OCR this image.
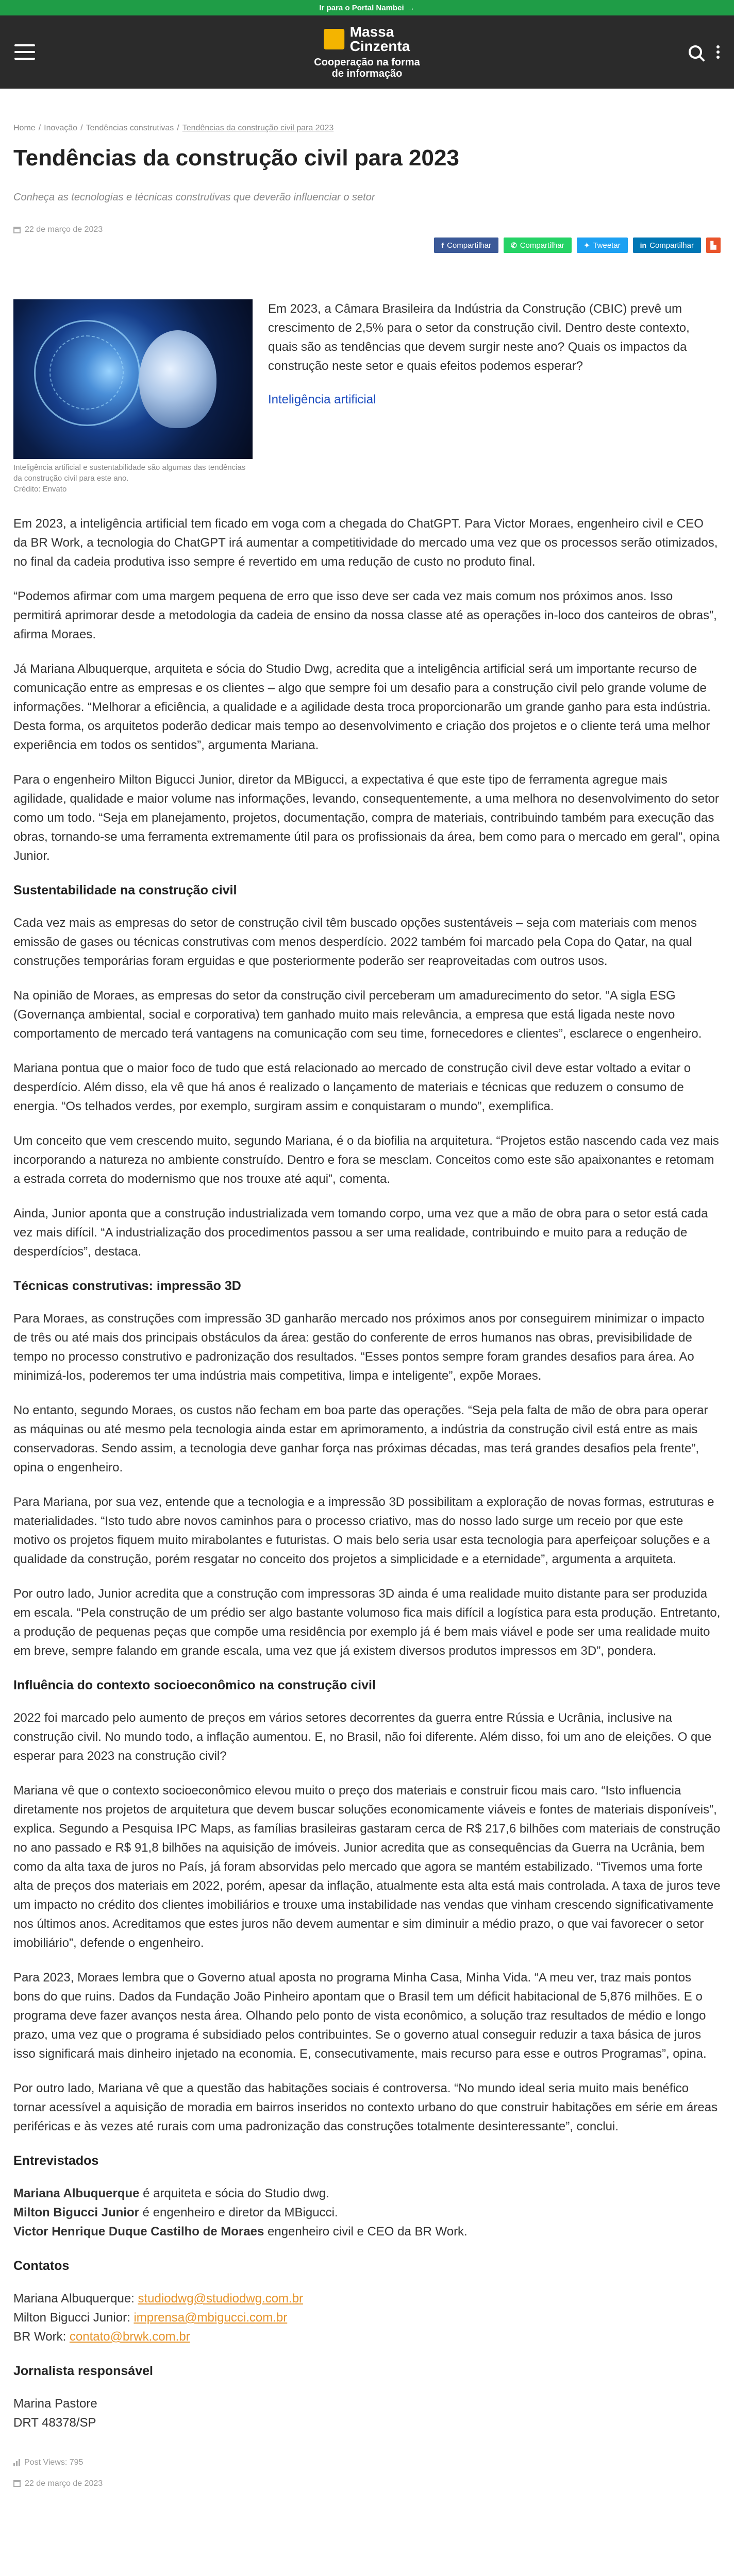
Ir para o Portal Nambei →
Massa
Cinzenta
Cooperação na forma
de informação
Home / Inovação / Tendências construtivas / Tendências da construção civil para 2023
Tendências da construção civil para 2023
Conheça as tecnologias e técnicas construtivas que deverão influenciar o setor
22 de março de 2023
f Compartilhar	✆ Compartilhar	✦ Tweetar	in Compartilhar ▙
Inteligência artificial e sustentabilidade são algumas das tendências da construção civil para este ano.
Crédito: Envato

Em 2023, a Câmara Brasileira da Indústria da Construção (CBIC) prevê um crescimento de 2,5% para o setor da construção civil. Dentro deste contexto, quais são as tendências que devem surgir neste ano? Quais os impactos da construção neste setor e quais efeitos podemos esperar?

Inteligência artificial

Em 2023, a inteligência artificial tem ficado em voga com a chegada do ChatGPT. Para Victor Moraes, engenheiro civil e CEO da BR Work, a tecnologia do ChatGPT irá aumentar a competitividade do mercado uma vez que os processos serão otimizados, no final da cadeia produtiva isso sempre é revertido em uma redução de custo no produto final.

“Podemos afirmar com uma margem pequena de erro que isso deve ser cada vez mais comum nos próximos anos. Isso permitirá aprimorar desde a metodologia da cadeia de ensino da nossa classe até as operações in-loco dos canteiros de obras”, afirma Moraes.

Já Mariana Albuquerque, arquiteta e sócia do Studio Dwg, acredita que a inteligência artificial será um importante recurso de comunicação entre as empresas e os clientes – algo que sempre foi um desafio para a construção civil pelo grande volume de informações. “Melhorar a eficiência, a qualidade e a agilidade desta troca proporcionarão um grande ganho para esta indústria. Desta forma, os arquitetos poderão dedicar mais tempo ao desenvolvimento e criação dos projetos e o cliente terá uma melhor experiência em todos os sentidos”, argumenta Mariana.

Para o engenheiro Milton Bigucci Junior, diretor da MBigucci, a expectativa é que este tipo de ferramenta agregue mais agilidade, qualidade e maior volume nas informações, levando, consequentemente, a uma melhora no desenvolvimento do setor como um todo. “Seja em planejamento, projetos, documentação, compra de materiais, contribuindo também para execução das obras, tornando-se uma ferramenta extremamente útil para os profissionais da área, bem como para o mercado em geral”, opina Junior.

Sustentabilidade na construção civil

Cada vez mais as empresas do setor de construção civil têm buscado opções sustentáveis – seja com materiais com menos emissão de gases ou técnicas construtivas com menos desperdício. 2022 também foi marcado pela Copa do Qatar, na qual construções temporárias foram erguidas e que posteriormente poderão ser reaproveitadas com outros usos.

Na opinião de Moraes, as empresas do setor da construção civil perceberam um amadurecimento do setor. “A sigla ESG (Governança ambiental, social e corporativa) tem ganhado muito mais relevância, a empresa que está ligada neste novo comportamento de mercado terá vantagens na comunicação com seu time, fornecedores e clientes”, esclarece o engenheiro.

Mariana pontua que o maior foco de tudo que está relacionado ao mercado de construção civil deve estar voltado a evitar o desperdício. Além disso, ela vê que há anos é realizado o lançamento de materiais e técnicas que reduzem o consumo de energia. “Os telhados verdes, por exemplo, surgiram assim e conquistaram o mundo”, exemplifica.

Um conceito que vem crescendo muito, segundo Mariana, é o da biofilia na arquitetura. “Projetos estão nascendo cada vez mais incorporando a natureza no ambiente construído. Dentro e fora se mesclam. Conceitos como este são apaixonantes e retomam a estrada correta do modernismo que nos trouxe até aqui”, comenta.

Ainda, Junior aponta que a construção industrializada vem tomando corpo, uma vez que a mão de obra para o setor está cada vez mais difícil. “A industrialização dos procedimentos passou a ser uma realidade, contribuindo e muito para a redução de desperdícios”, destaca.

Técnicas construtivas: impressão 3D

Para Moraes, as construções com impressão 3D ganharão mercado nos próximos anos por conseguirem minimizar o impacto de três ou até mais dos principais obstáculos da área: gestão do conferente de erros humanos nas obras, previsibilidade de tempo no processo construtivo e padronização dos resultados. “Esses pontos sempre foram grandes desafios para área. Ao minimizá-los, poderemos ter uma indústria mais competitiva, limpa e inteligente”, expõe Moraes.

No entanto, segundo Moraes, os custos não fecham em boa parte das operações. “Seja pela falta de mão de obra para operar as máquinas ou até mesmo pela tecnologia ainda estar em aprimoramento, a indústria da construção civil está entre as mais conservadoras. Sendo assim, a tecnologia deve ganhar força nas próximas décadas, mas terá grandes desafios pela frente”, opina o engenheiro.

Para Mariana, por sua vez, entende que a tecnologia e a impressão 3D possibilitam a exploração de novas formas, estruturas e materialidades. “Isto tudo abre novos caminhos para o processo criativo, mas do nosso lado surge um receio por que este motivo os projetos fiquem muito mirabolantes e futuristas. O mais belo seria usar esta tecnologia para aperfeiçoar soluções e a qualidade da construção, porém resgatar no conceito dos projetos a simplicidade e a eternidade”, argumenta a arquiteta.

Por outro lado, Junior acredita que a construção com impressoras 3D ainda é uma realidade muito distante para ser produzida em escala. “Pela construção de um prédio ser algo bastante volumoso fica mais difícil a logística para esta produção. Entretanto, a produção de pequenas peças que compõe uma residência por exemplo já é bem mais viável e pode ser uma realidade muito em breve, sempre falando em grande escala, uma vez que já existem diversos produtos impressos em 3D”, pondera.

Influência do contexto socioeconômico na construção civil

2022 foi marcado pelo aumento de preços em vários setores decorrentes da guerra entre Rússia e Ucrânia, inclusive na construção civil. No mundo todo, a inflação aumentou. E, no Brasil, não foi diferente. Além disso, foi um ano de eleições. O que esperar para 2023 na construção civil?

Mariana vê que o contexto socioeconômico elevou muito o preço dos materiais e construir ficou mais caro. “Isto influencia diretamente nos projetos de arquitetura que devem buscar soluções economicamente viáveis e fontes de materiais disponíveis”, explica. Segundo a Pesquisa IPC Maps, as famílias brasileiras gastaram cerca de R$ 217,6 bilhões com materiais de construção no ano passado e R$ 91,8 bilhões na aquisição de imóveis. Junior acredita que as consequências da Guerra na Ucrânia, bem como da alta taxa de juros no País, já foram absorvidas pelo mercado que agora se mantém estabilizado. “Tivemos uma forte alta de preços dos materiais em 2022, porém, apesar da inflação, atualmente esta alta está mais controlada. A taxa de juros teve um impacto no crédito dos clientes imobiliários e trouxe uma instabilidade nas vendas que vinham crescendo significativamente nos últimos anos. Acreditamos que estes juros não devem aumentar e sim diminuir a médio prazo, o que vai favorecer o setor imobiliário”, defende o engenheiro.

Para 2023, Moraes lembra que o Governo atual aposta no programa Minha Casa, Minha Vida. “A meu ver, traz mais pontos bons do que ruins. Dados da Fundação João Pinheiro apontam que o Brasil tem um déficit habitacional de 5,876 milhões. E o programa deve fazer avanços nesta área. Olhando pelo ponto de vista econômico, a solução traz resultados de médio e longo prazo, uma vez que o programa é subsidiado pelos contribuintes. Se o governo atual conseguir reduzir a taxa básica de juros isso significará mais dinheiro injetado na economia. E, consecutivamente, mais recurso para esse e outros Programas”, opina.

Por outro lado, Mariana vê que a questão das habitações sociais é controversa. “No mundo ideal seria muito mais benéfico tornar acessível a aquisição de moradia em bairros inseridos no contexto urbano do que construir habitações em série em áreas periféricas e às vezes até rurais com uma padronização das construções totalmente desinteressante”, conclui.

Entrevistados
Mariana Albuquerque é arquiteta e sócia do Studio dwg.
Milton Bigucci Junior é engenheiro e diretor da MBigucci.
Victor Henrique Duque Castilho de Moraes engenheiro civil e CEO da BR Work.
Contatos
Mariana Albuquerque: studiodwg@studiodwg.com.br
Milton Bigucci Junior: imprensa@mbigucci.com.br
BR Work: contato@brwk.com.br
Jornalista responsável
Marina Pastore
DRT 48378/SP
Post Views: 795
22 de março de 2023
